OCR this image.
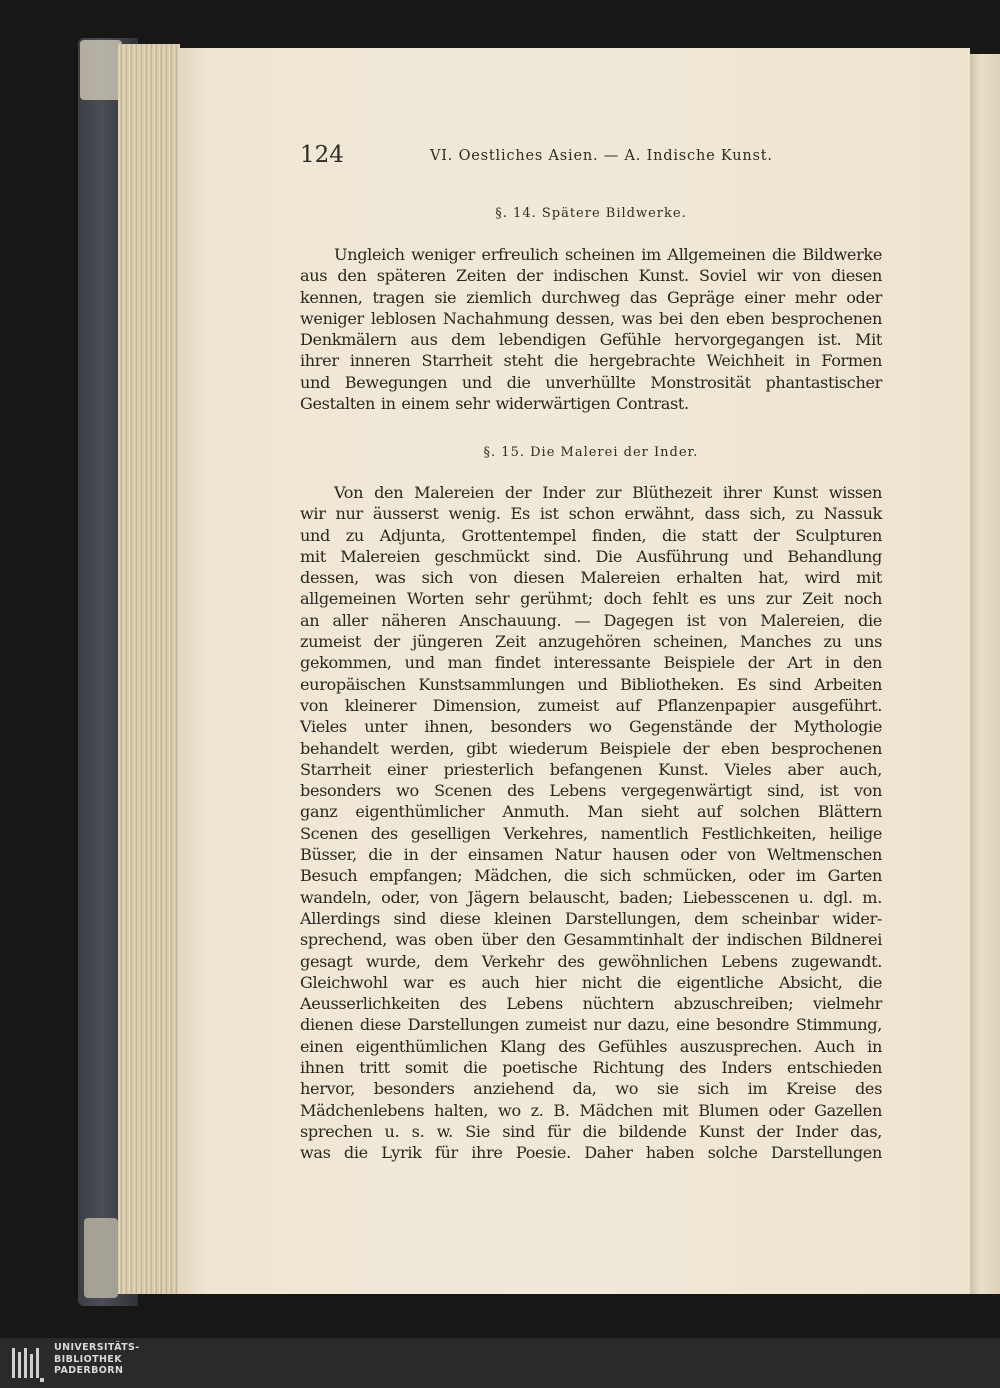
124	VI. Oestliches Asien. — A. Indische Kunst.
§. 14. Spätere Bildwerke.
Ungleich weniger erfreulich scheinen im Allgemeinen die Bildwerke
aus den späteren Zeiten der indischen Kunst. Soviel wir von diesen
kennen, tragen sie ziemlich durchweg das Gepräge einer mehr oder
weniger leblosen Nachahmung dessen, was bei den eben besprochenen
Denkmälern aus dem lebendigen Gefühle hervorgegangen ist. Mit
ihrer inneren Starrheit steht die hergebrachte Weichheit in Formen
und Bewegungen und die unverhüllte Monstrosität phantastischer
Gestalten in einem sehr widerwärtigen Contrast.
§. 15. Die Malerei der Inder.
Von den Malereien der Inder zur Blüthezeit ihrer Kunst wissen
wir nur äusserst wenig. Es ist schon erwähnt, dass sich, zu Nassuk
und zu Adjunta, Grottentempel finden, die statt der Sculpturen
mit Malereien geschmückt sind. Die Ausführung und Behandlung
dessen, was sich von diesen Malereien erhalten hat, wird mit
allgemeinen Worten sehr gerühmt; doch fehlt es uns zur Zeit noch
an aller näheren Anschauung. — Dagegen ist von Malereien, die
zumeist der jüngeren Zeit anzugehören scheinen, Manches zu uns
gekommen, und man findet interessante Beispiele der Art in den
europäischen Kunstsammlungen und Bibliotheken. Es sind Arbeiten
von kleinerer Dimension, zumeist auf Pflanzenpapier ausgeführt.
Vieles unter ihnen, besonders wo Gegenstände der Mythologie
behandelt werden, gibt wiederum Beispiele der eben besprochenen
Starrheit einer priesterlich befangenen Kunst. Vieles aber auch,
besonders wo Scenen des Lebens vergegenwärtigt sind, ist von
ganz eigenthümlicher Anmuth. Man sieht auf solchen Blättern
Scenen des geselligen Verkehres, namentlich Festlichkeiten, heilige
Büsser, die in der einsamen Natur hausen oder von Weltmenschen
Besuch empfangen; Mädchen, die sich schmücken, oder im Garten
wandeln, oder, von Jägern belauscht, baden; Liebesscenen u. dgl. m.
Allerdings sind diese kleinen Darstellungen, dem scheinbar wider-
sprechend, was oben über den Gesammtinhalt der indischen Bildnerei
gesagt wurde, dem Verkehr des gewöhnlichen Lebens zugewandt.
Gleichwohl war es auch hier nicht die eigentliche Absicht, die
Aeusserlichkeiten des Lebens nüchtern abzuschreiben; vielmehr
dienen diese Darstellungen zumeist nur dazu, eine besondre Stimmung,
einen eigenthümlichen Klang des Gefühles auszusprechen. Auch in
ihnen tritt somit die poetische Richtung des Inders entschieden
hervor, besonders anziehend da, wo sie sich im Kreise des
Mädchenlebens halten, wo z. B. Mädchen mit Blumen oder Gazellen
sprechen u. s. w. Sie sind für die bildende Kunst der Inder das,
was die Lyrik für ihre Poesie. Daher haben solche Darstellungen
UNIVERSITÄTS-
BIBLIOTHEK
PADERBORN
